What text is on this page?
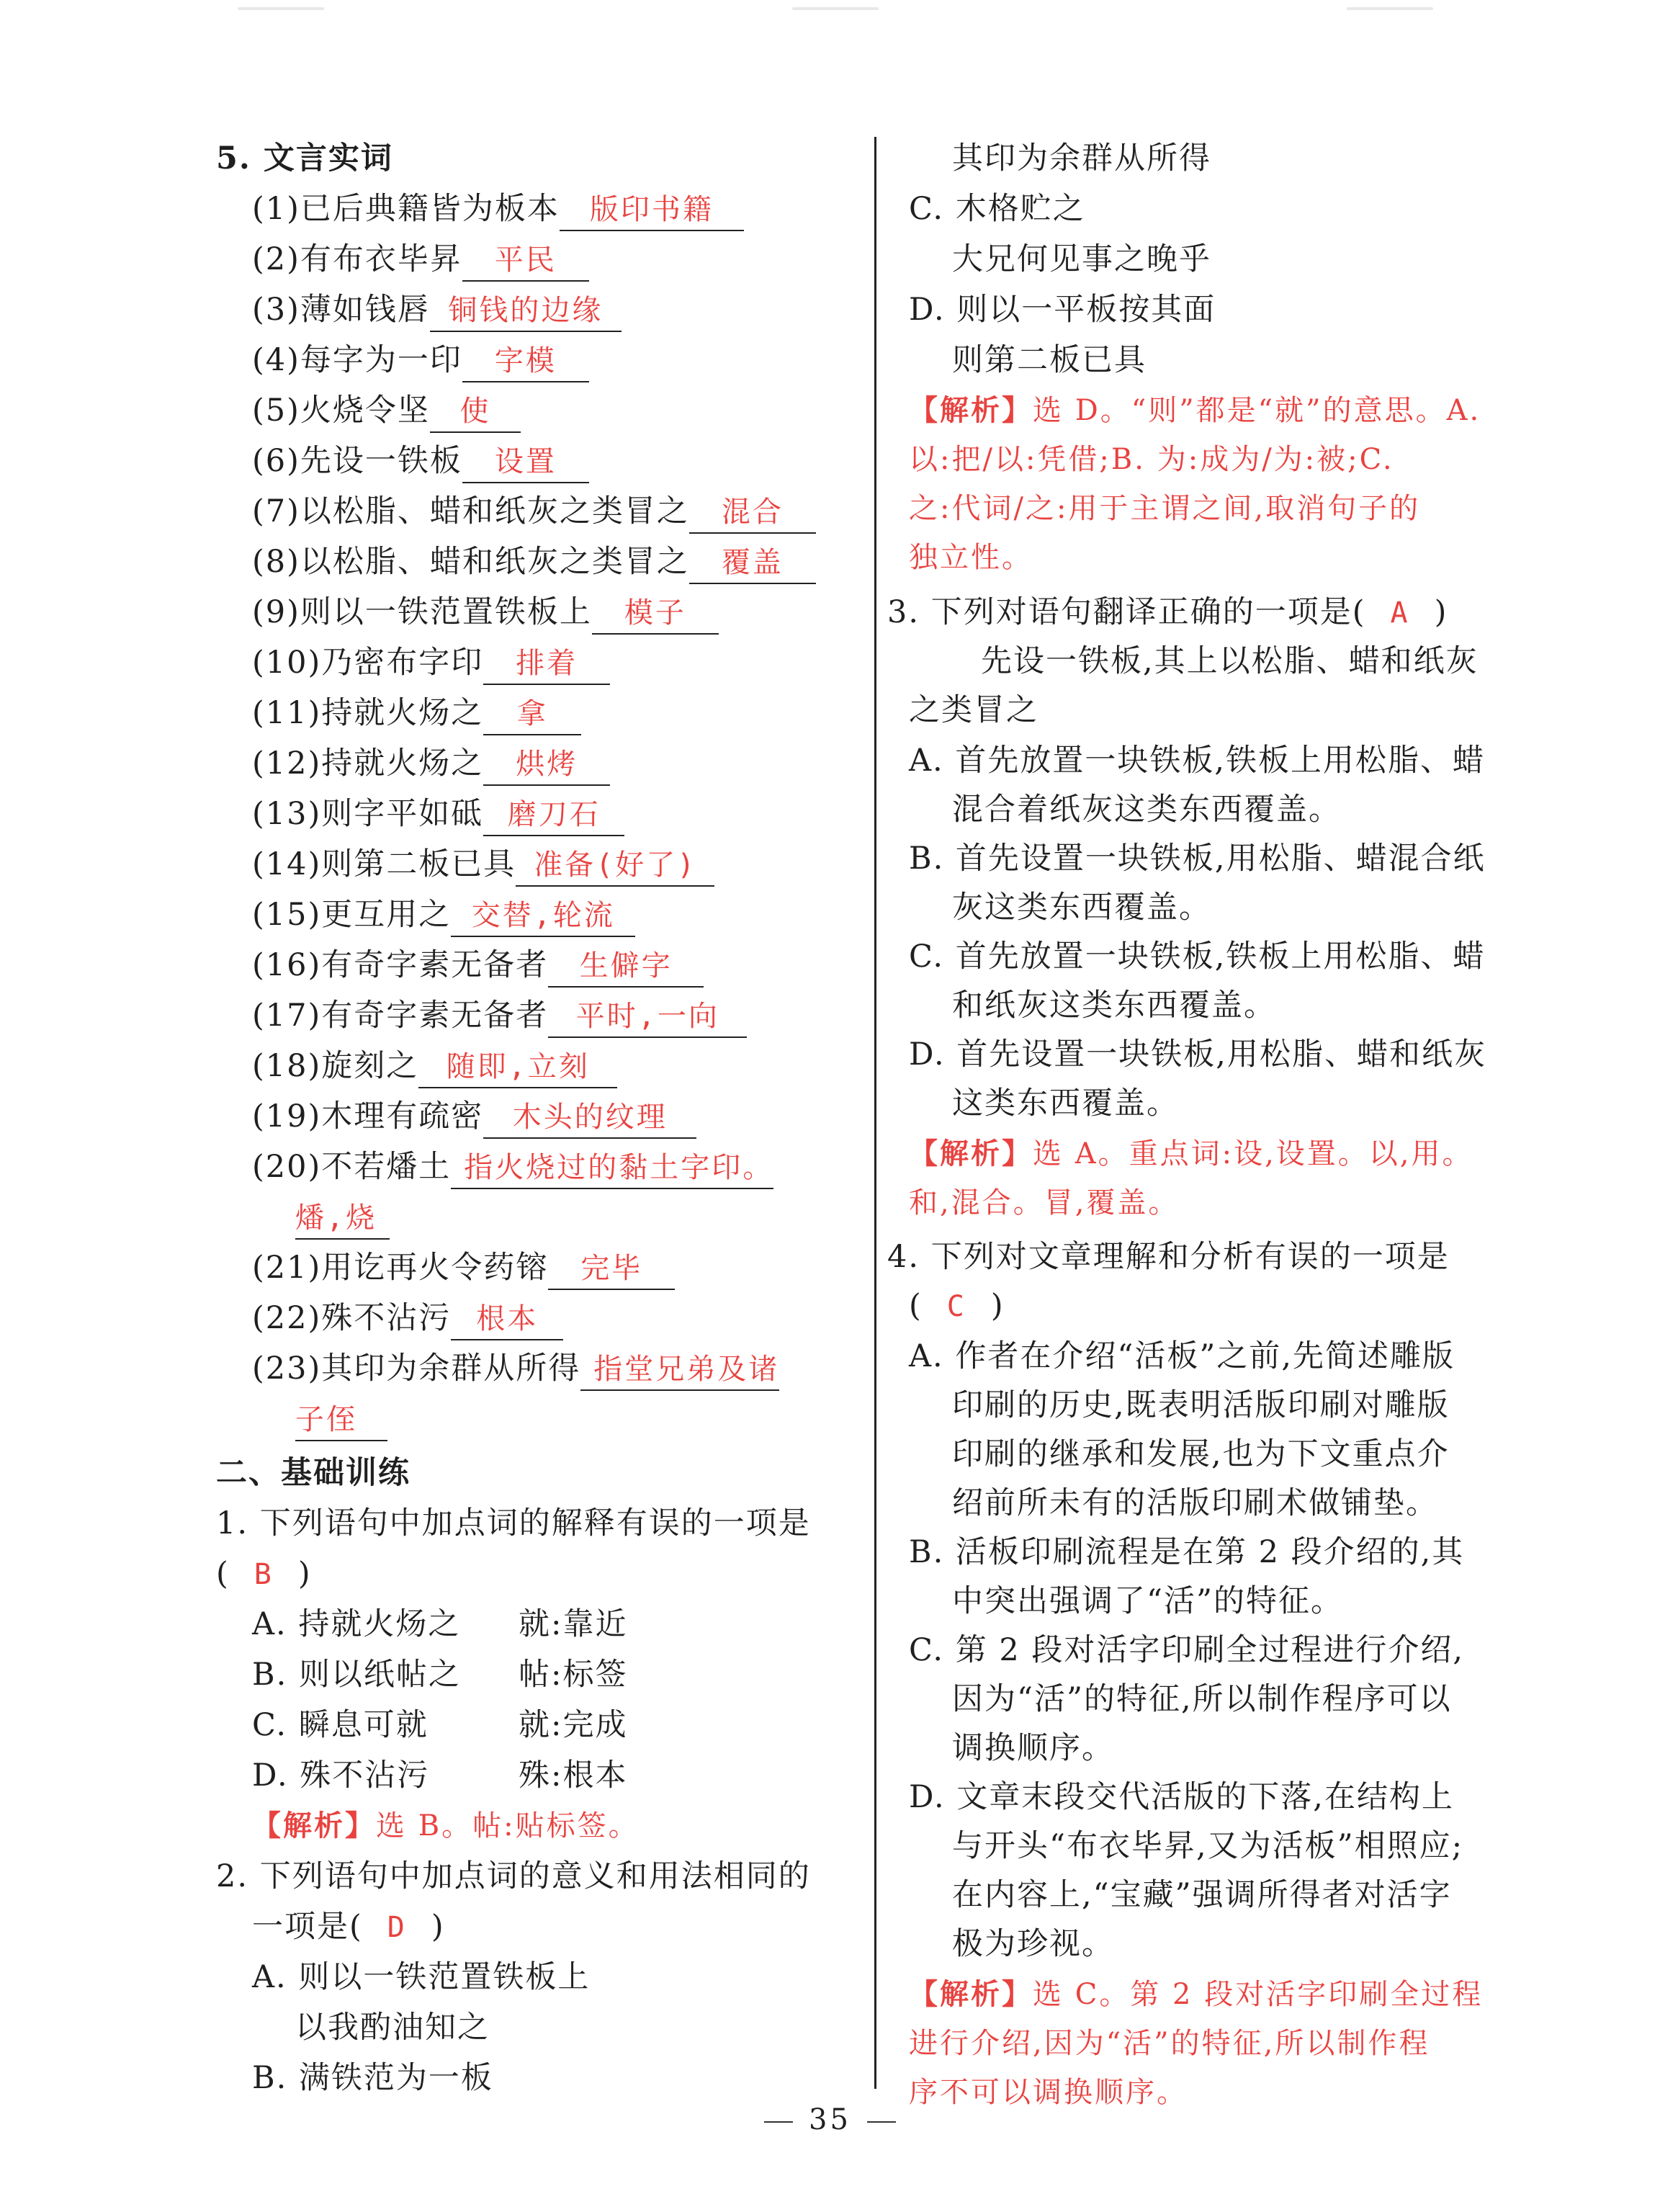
5. 文言实词
(1)已后典籍皆为板本 版印书籍
(2)有布衣毕昇 平民
(3)薄如钱唇 铜钱的边缘
(4)每字为一印 字模
(5)火烧令坚 使
(6)先设一铁板 设置
(7)以松脂、蜡和纸灰之类冒之 混合
(8)以松脂、蜡和纸灰之类冒之 覆盖
(9)则以一铁范置铁板上 模子
(10)乃密布字印 排着
(11)持就火炀之 拿
(12)持就火炀之 烘烤
(13)则字平如砥 磨刀石
(14)则第二板已具 准备(好了)
(15)更互用之 交替,轮流
(16)有奇字素无备者 生僻字
(17)有奇字素无备者 平时,一向
(18)旋刻之 随即,立刻
(19)木理有疏密 木头的纹理
(20)不若燔土 指火烧过的黏土字印。
燔,烧
(21)用讫再火令药镕 完毕
(22)殊不沾污 根本
(23)其印为余群从所得 指堂兄弟及诸
子侄
二、基础训练
1. 下列语句中加点词的解释有误的一项是
( B )
A. 持就火炀之 就:靠近
B. 则以纸帖之 帖:标签
C. 瞬息可就	就:完成
D. 殊不沾污	殊:根本
【解析】选 B。帖:贴标签。
2. 下列语句中加点词的意义和用法相同的
一项是( D )
A. 则以一铁范置铁板上
以我酌油知之
B. 满铁范为一板
其印为余群从所得
C. 木格贮之
大兄何见事之晚乎
D. 则以一平板按其面
则第二板已具
【解析】选 D。“则”都是“就”的意思。A.
以:把/以:凭借;B. 为:成为/为:被;C.
之:代词/之:用于主谓之间,取消句子的
独立性。
3. 下列对语句翻译正确的一项是( A )
先设一铁板,其上以松脂、蜡和纸灰
之类冒之
A. 首先放置一块铁板,铁板上用松脂、蜡
混合着纸灰这类东西覆盖。
B. 首先设置一块铁板,用松脂、蜡混合纸
灰这类东西覆盖。
C. 首先放置一块铁板,铁板上用松脂、蜡
和纸灰这类东西覆盖。
D. 首先设置一块铁板,用松脂、蜡和纸灰
这类东西覆盖。
【解析】选 A。重点词:设,设置。以,用。
和,混合。冒,覆盖。
4. 下列对文章理解和分析有误的一项是
( C )
A. 作者在介绍“活板”之前,先简述雕版
印刷的历史,既表明活版印刷对雕版
印刷的继承和发展,也为下文重点介
绍前所未有的活版印刷术做铺垫。
B. 活板印刷流程是在第 2 段介绍的,其
中突出强调了“活”的特征。
C. 第 2 段对活字印刷全过程进行介绍,
因为“活”的特征,所以制作程序可以
调换顺序。
D. 文章末段交代活版的下落,在结构上
与开头“布衣毕昇,又为活板”相照应;
在内容上,“宝藏”强调所得者对活字
极为珍视。
【解析】选 C。第 2 段对活字印刷全过程
进行介绍,因为“活”的特征,所以制作程
序不可以调换顺序。
35
